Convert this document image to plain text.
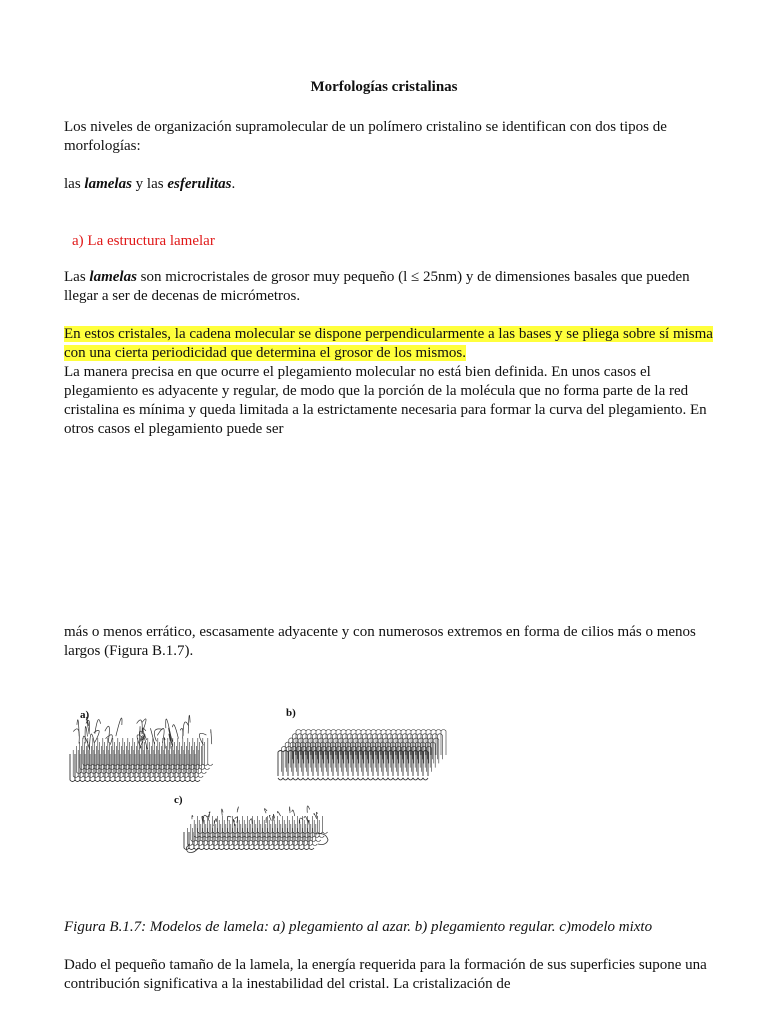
Morfologías cristalinas

Los niveles de organización supramolecular de un polímero cristalino se identifican con dos tipos de morfologías:

las lamelas y las esferulitas.

a) La estructura lamelar

Las lamelas son microcristales de grosor muy pequeño (l ≤ 25nm) y de dimensiones basales que pueden llegar a ser de decenas de micrómetros.

En estos cristales, la cadena molecular se dispone perpendicularmente a las bases y se pliega sobre sí misma con una cierta periodicidad que determina el grosor de los mismos.

La manera precisa en que ocurre el plegamiento molecular no está bien definida. En unos casos el plegamiento es adyacente y regular, de modo que la porción de la molécula que no forma parte de la red cristalina es mínima y queda limitada a la estrictamente necesaria para formar la curva del plegamiento. En otros casos el plegamiento puede ser

más o menos errático, escasamente adyacente y con numerosos extremos en forma de cilios más o menos largos (Figura B.1.7).

a)	b)
c)

Figura B.1.7: Modelos de lamela: a) plegamiento al azar. b) plegamiento regular. c)modelo mixto

Dado el pequeño tamaño de la lamela, la energía requerida para la formación de sus superficies supone una contribución significativa a la inestabilidad del cristal. La cristalización de
